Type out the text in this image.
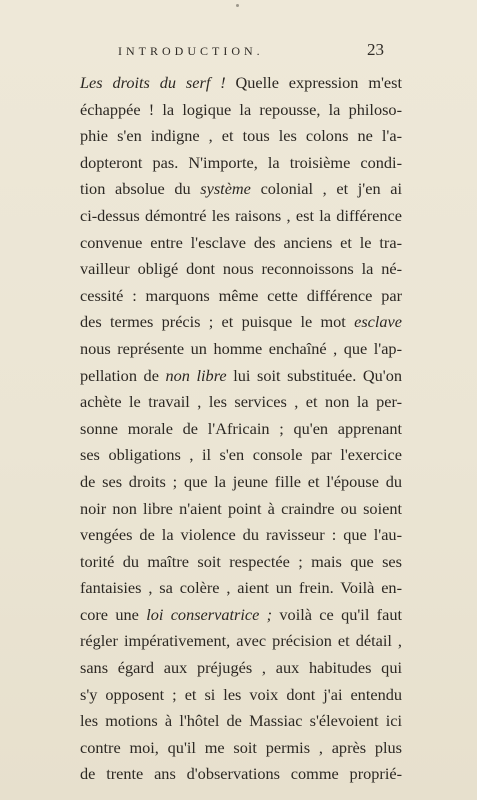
INTRODUCTION.	23
Les droits du serf ! Quelle expression m'est
échappée ! la logique la repousse, la philoso-
phie s'en indigne , et tous les colons ne l'a-
dopteront pas. N'importe, la troisième condi-
tion absolue du système colonial , et j'en ai
ci-dessus démontré les raisons , est la différence
convenue entre l'esclave des anciens et le tra-
vailleur obligé dont nous reconnoissons la né-
cessité : marquons même cette différence par
des termes précis ; et puisque le mot esclave
nous représente un homme enchaîné , que l'ap-
pellation de non libre lui soit substituée. Qu'on
achète le travail , les services , et non la per-
sonne morale de l'Africain ; qu'en apprenant
ses obligations , il s'en console par l'exercice
de ses droits ; que la jeune fille et l'épouse du
noir non libre n'aient point à craindre ou soient
vengées de la violence du ravisseur : que l'au-
torité du maître soit respectée ; mais que ses
fantaisies , sa colère , aient un frein. Voilà en-
core une loi conservatrice ; voilà ce qu'il faut
régler impérativement, avec précision et détail ,
sans égard aux préjugés , aux habitudes qui
s'y opposent ; et si les voix dont j'ai entendu
les motions à l'hôtel de Massiac s'élevoient ici
contre moi, qu'il me soit permis , après plus
de trente ans d'observations comme proprié-
